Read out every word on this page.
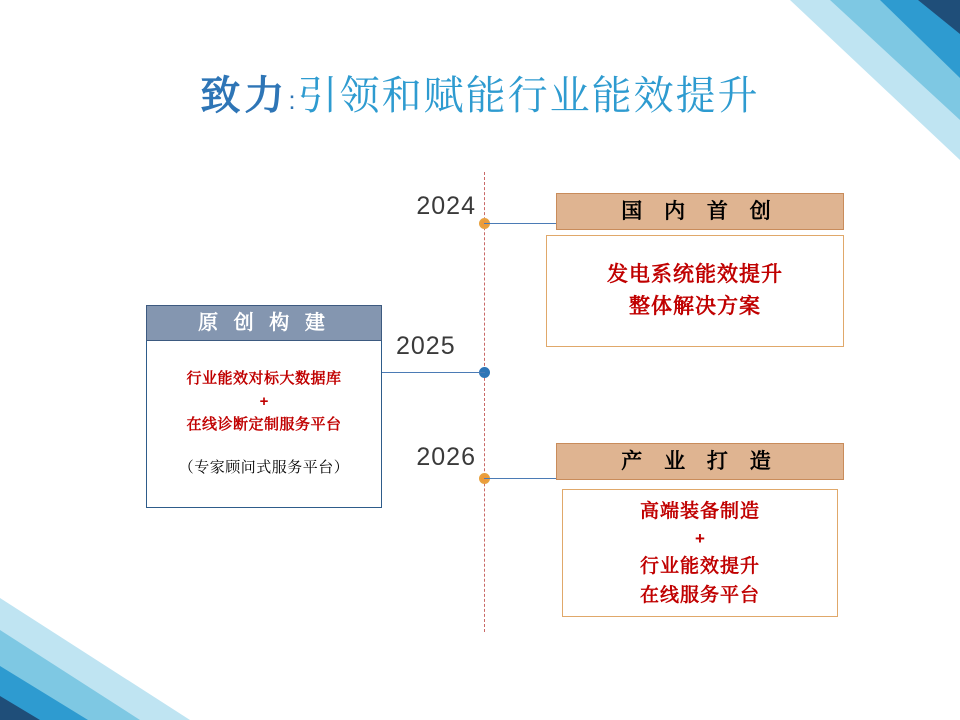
致力:引领和赋能行业能效提升
2024
2025
2026
原 创 构 建
行业能效对标大数据库
+
在线诊断定制服务平台
（专家顾问式服务平台）
国 内 首 创
发电系统能效提升
整体解决方案
产 业 打 造
高端装备制造
+
行业能效提升
在线服务平台
